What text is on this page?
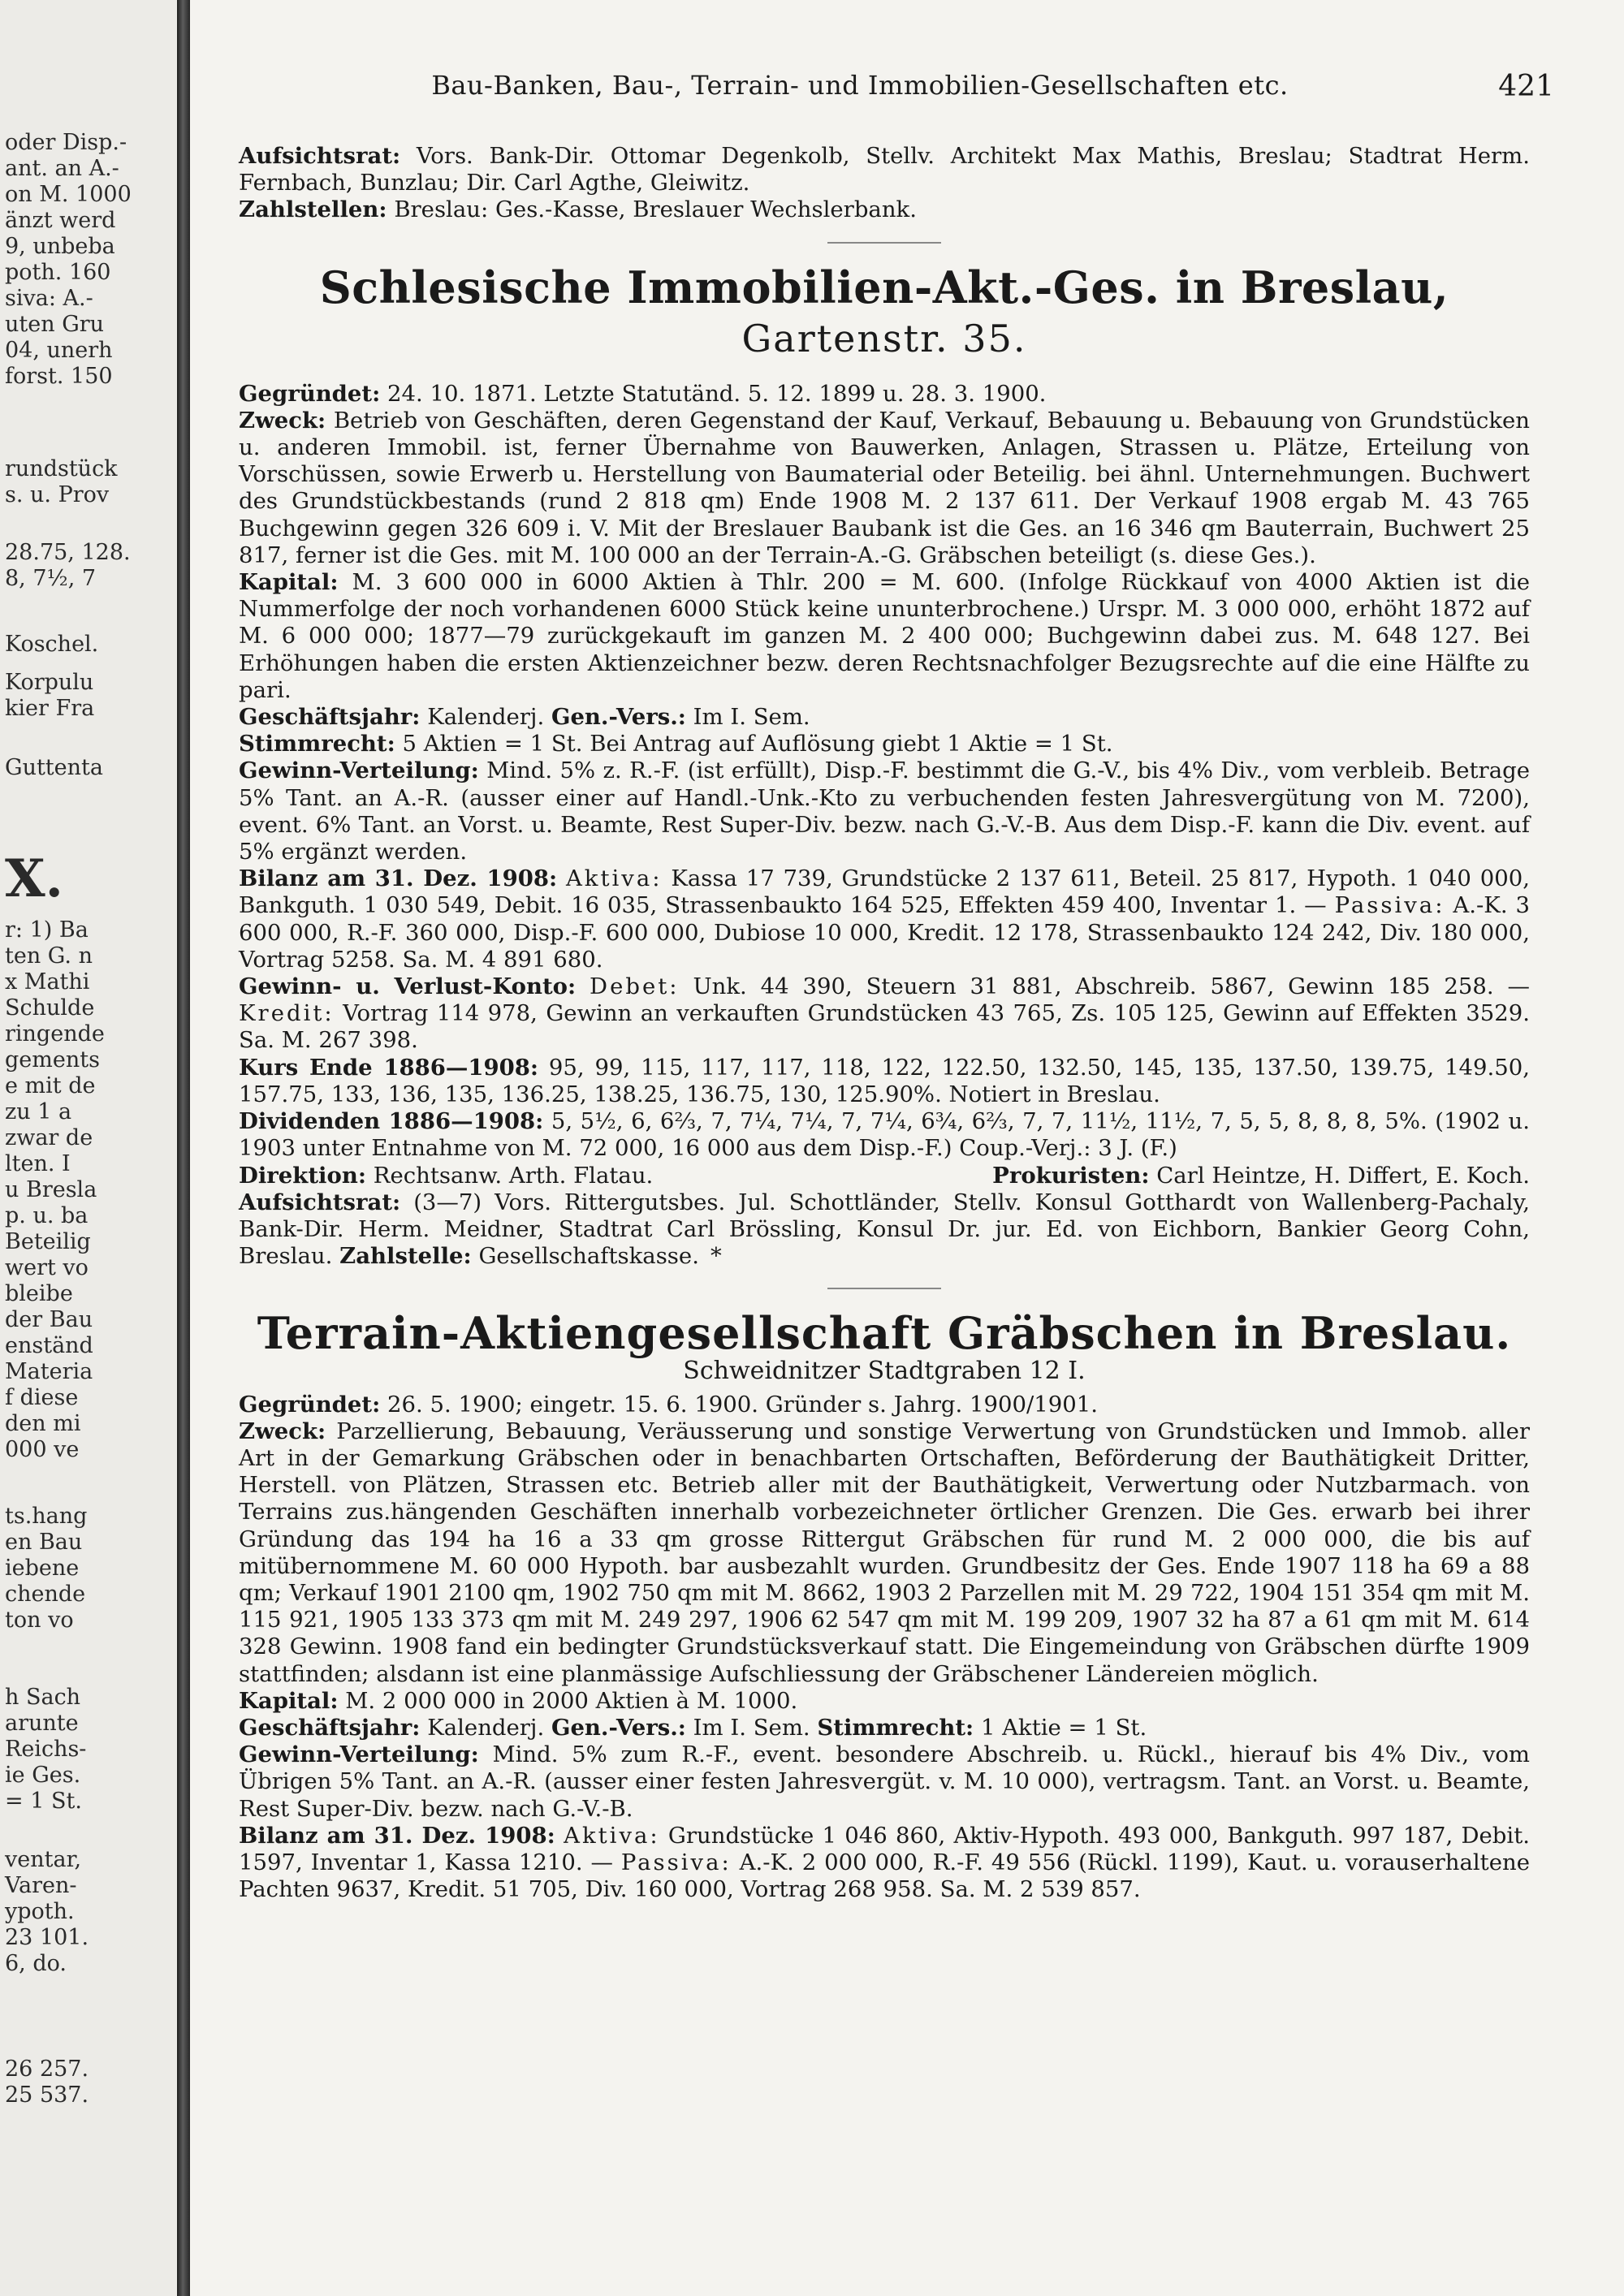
oder Disp.-
ant. an A.-
on M. 1000
änzt werd
9, unbeba
poth. 160
siva: A.-
uten Gru
04, unerh
forst. 150
rundstück
s. u. Prov
28.75, 128.
8, 7½, 7
Koschel.
Korpulu
kier Fra
Guttenta
X.
r: 1) Ba
ten G. n
x Mathi
Schulde
ringende
gements
e mit de
zu 1 a
zwar de
lten. I
u Bresla
p. u. ba
Beteilig
wert vo
bleibe
der Bau
enständ
Materia
f diese
den mi
000 ve
ts.hang
en Bau
iebene
chende
ton vo
h Sach
arunte
Reichs-
ie Ges.
= 1 St.
ventar,
Varen-
ypoth.
23 101.
6, do.
26 257.
25 537.
Bau-Banken, Bau-, Terrain- und Immobilien-Gesellschaften etc.	421

Aufsichtsrat: Vors. Bank-Dir. Ottomar Degenkolb, Stellv. Architekt Max Mathis, Breslau; Stadtrat Herm. Fernbach, Bunzlau; Dir. Carl Agthe, Gleiwitz.

Zahlstellen: Breslau: Ges.-Kasse, Breslauer Wechslerbank.

Schlesische Immobilien-Akt.-Ges. in Breslau, Gartenstr. 35.

Gegründet: 24. 10. 1871. Letzte Statutänd. 5. 12. 1899 u. 28. 3. 1900.

Zweck: Betrieb von Geschäften, deren Gegenstand der Kauf, Verkauf, Bebauung u. Bebauung von Grundstücken u. anderen Immobil. ist, ferner Übernahme von Bauwerken, Anlagen, Strassen u. Plätze, Erteilung von Vorschüssen, sowie Erwerb u. Herstellung von Baumaterial oder Beteilig. bei ähnl. Unternehmungen. Buchwert des Grundstückbestands (rund 2 818 qm) Ende 1908 M. 2 137 611. Der Verkauf 1908 ergab M. 43 765 Buchgewinn gegen 326 609 i. V. Mit der Breslauer Baubank ist die Ges. an 16 346 qm Bauterrain, Buchwert 25 817, ferner ist die Ges. mit M. 100 000 an der Terrain-A.-G. Gräbschen beteiligt (s. diese Ges.).

Kapital: M. 3 600 000 in 6000 Aktien à Thlr. 200 = M. 600. (Infolge Rückkauf von 4000 Aktien ist die Nummerfolge der noch vorhandenen 6000 Stück keine ununterbrochene.) Urspr. M. 3 000 000, erhöht 1872 auf M. 6 000 000; 1877—79 zurückgekauft im ganzen M. 2 400 000; Buchgewinn dabei zus. M. 648 127. Bei Erhöhungen haben die ersten Aktienzeichner bezw. deren Rechtsnachfolger Bezugsrechte auf die eine Hälfte zu pari.

Geschäftsjahr: Kalenderj. Gen.-Vers.: Im I. Sem.

Stimmrecht: 5 Aktien = 1 St. Bei Antrag auf Auflösung giebt 1 Aktie = 1 St.

Gewinn-Verteilung: Mind. 5% z. R.-F. (ist erfüllt), Disp.-F. bestimmt die G.-V., bis 4% Div., vom verbleib. Betrage 5% Tant. an A.-R. (ausser einer auf Handl.-Unk.-Kto zu verbuchenden festen Jahresvergütung von M. 7200), event. 6% Tant. an Vorst. u. Beamte, Rest Super-Div. bezw. nach G.-V.-B. Aus dem Disp.-F. kann die Div. event. auf 5% ergänzt werden.

Bilanz am 31. Dez. 1908: Aktiva: Kassa 17 739, Grundstücke 2 137 611, Beteil. 25 817, Hypoth. 1 040 000, Bankguth. 1 030 549, Debit. 16 035, Strassenbaukto 164 525, Effekten 459 400, Inventar 1. — Passiva: A.-K. 3 600 000, R.-F. 360 000, Disp.-F. 600 000, Dubiose 10 000, Kredit. 12 178, Strassenbaukto 124 242, Div. 180 000, Vortrag 5258. Sa. M. 4 891 680.

Gewinn- u. Verlust-Konto: Debet: Unk. 44 390, Steuern 31 881, Abschreib. 5867, Gewinn 185 258. — Kredit: Vortrag 114 978, Gewinn an verkauften Grundstücken 43 765, Zs. 105 125, Gewinn auf Effekten 3529. Sa. M. 267 398.

Kurs Ende 1886—1908: 95, 99, 115, 117, 117, 118, 122, 122.50, 132.50, 145, 135, 137.50, 139.75, 149.50, 157.75, 133, 136, 135, 136.25, 138.25, 136.75, 130, 125.90%. Notiert in Breslau.

Dividenden 1886—1908: 5, 5½, 6, 6⅔, 7, 7¼, 7¼, 7, 7¼, 6¾, 6⅔, 7, 7, 11½, 11½, 7, 5, 5, 8, 8, 8, 5%. (1902 u. 1903 unter Entnahme von M. 72 000, 16 000 aus dem Disp.-F.) Coup.-Verj.: 3 J. (F.)

Direktion: Rechtsanw. Arth. Flatau.	Prokuristen: Carl Heintze, H. Differt, E. Koch.

Aufsichtsrat: (3—7) Vors. Rittergutsbes. Jul. Schottländer, Stellv. Konsul Gotthardt von Wallenberg-Pachaly, Bank-Dir. Herm. Meidner, Stadtrat Carl Brössling, Konsul Dr. jur. Ed. von Eichborn, Bankier Georg Cohn, Breslau. Zahlstelle: Gesellschaftskasse. *

Terrain-Aktiengesellschaft Gräbschen in Breslau.
Schweidnitzer Stadtgraben 12 I.

Gegründet: 26. 5. 1900; eingetr. 15. 6. 1900. Gründer s. Jahrg. 1900/1901.

Zweck: Parzellierung, Bebauung, Veräusserung und sonstige Verwertung von Grundstücken und Immob. aller Art in der Gemarkung Gräbschen oder in benachbarten Ortschaften, Beförderung der Bauthätigkeit Dritter, Herstell. von Plätzen, Strassen etc. Betrieb aller mit der Bauthätigkeit, Verwertung oder Nutzbarmach. von Terrains zus.hängenden Geschäften innerhalb vorbezeichneter örtlicher Grenzen. Die Ges. erwarb bei ihrer Gründung das 194 ha 16 a 33 qm grosse Rittergut Gräbschen für rund M. 2 000 000, die bis auf mitübernommene M. 60 000 Hypoth. bar ausbezahlt wurden. Grundbesitz der Ges. Ende 1907 118 ha 69 a 88 qm; Verkauf 1901 2100 qm, 1902 750 qm mit M. 8662, 1903 2 Parzellen mit M. 29 722, 1904 151 354 qm mit M. 115 921, 1905 133 373 qm mit M. 249 297, 1906 62 547 qm mit M. 199 209, 1907 32 ha 87 a 61 qm mit M. 614 328 Gewinn. 1908 fand ein bedingter Grundstücksverkauf statt. Die Eingemeindung von Gräbschen dürfte 1909 stattfinden; alsdann ist eine planmässige Aufschliessung der Gräbschener Ländereien möglich.

Kapital: M. 2 000 000 in 2000 Aktien à M. 1000.

Geschäftsjahr: Kalenderj. Gen.-Vers.: Im I. Sem. Stimmrecht: 1 Aktie = 1 St.

Gewinn-Verteilung: Mind. 5% zum R.-F., event. besondere Abschreib. u. Rückl., hierauf bis 4% Div., vom Übrigen 5% Tant. an A.-R. (ausser einer festen Jahresvergüt. v. M. 10 000), vertragsm. Tant. an Vorst. u. Beamte, Rest Super-Div. bezw. nach G.-V.-B.

Bilanz am 31. Dez. 1908: Aktiva: Grundstücke 1 046 860, Aktiv-Hypoth. 493 000, Bankguth. 997 187, Debit. 1597, Inventar 1, Kassa 1210. — Passiva: A.-K. 2 000 000, R.-F. 49 556 (Rückl. 1199), Kaut. u. vorauserhaltene Pachten 9637, Kredit. 51 705, Div. 160 000, Vortrag 268 958. Sa. M. 2 539 857.
